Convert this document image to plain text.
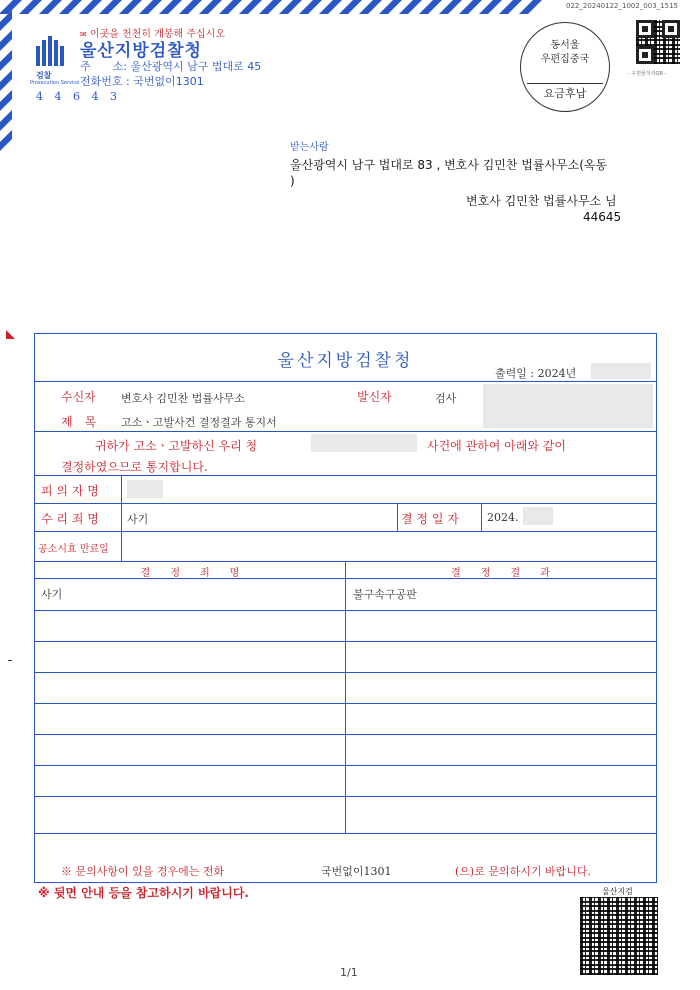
022_20240122_1002_003_1515
✉ 이곳을 천천히 개봉해 주십시오
검찰
Prosecution Service
울산지방검찰청
주　　소: 울산광역시 남구 법대로 45
전화번호 : 국번없이1301
4 4 6 4 3
동서울
우편집중국
요금후납
- 우편물처리QR -
받는사람
울산광역시 남구 법대로 83 , 변호사 김민찬 법률사무소(옥동
)
변호사 김민찬 법률사무소 님
44645
울산지방검찰청
출력일 : 2024년
수신자 변호사 김민찬 법률사무소	발신자	검사
제　목 고소ㆍ고발사건 결정결과 통지서
귀하가 고소ㆍ고발하신 우리 청	사건에 관하여 아래와 같이
결정하였으므로 통지합니다.
피 의 자 명
수 리 죄 명	사기	결 정 일 자	2024.
공소시효 만료일
결　　정　　죄　　명	결　　정　　결　　과
사기	불구속구공판
※ 문의사항이 있을 경우에는 전화	국번없이1301	(으)로 문의하시기 바랍니다.
※ 뒷면 안내 등을 참고하시기 바랍니다.	울산지검
1/1
